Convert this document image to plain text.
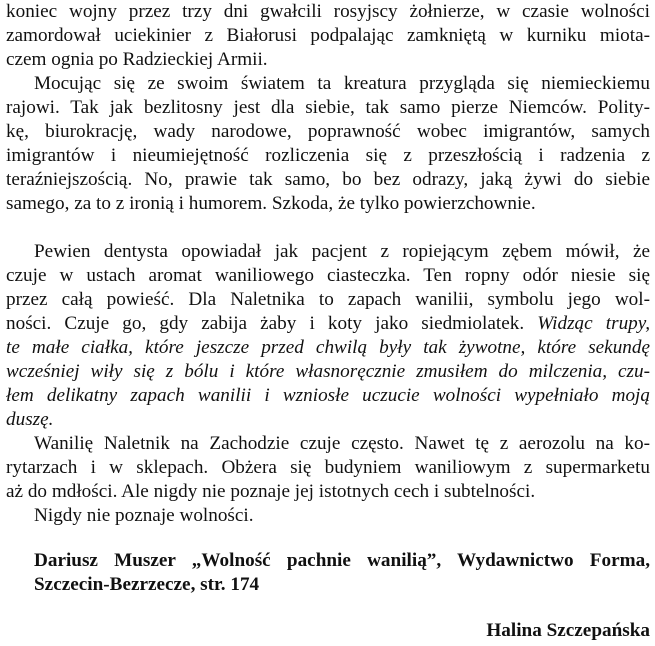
koniec wojny przez trzy dni gwałcili rosyjscy żołnierze, w czasie wolności
zamordował uciekinier z Białorusi podpalając zamkniętą w kurniku miota-
czem ognia po Radzieckiej Armii.
Mocując się ze swoim światem ta kreatura przygląda się niemieckiemu
rajowi. Tak jak bezlitosny jest dla siebie, tak samo pierze Niemców. Polity-
kę, biurokrację, wady narodowe, poprawność wobec imigrantów, samych
imigrantów i nieumiejętność rozliczenia się z przeszłością i radzenia z
teraźniejszością. No, prawie tak samo, bo bez odrazy, jaką żywi do siebie
samego, za to z ironią i humorem. Szkoda, że tylko powierzchownie.
Pewien dentysta opowiadał jak pacjent z ropiejącym zębem mówił, że
czuje w ustach aromat waniliowego ciasteczka. Ten ropny odór niesie się
przez całą powieść. Dla Naletnika to zapach wanilii, symbolu jego wol-
ności. Czuje go, gdy zabija żaby i koty jako siedmiolatek. Widząc trupy,
te małe ciałka, które jeszcze przed chwilą były tak żywotne, które sekundę
wcześniej wiły się z bólu i które własnoręcznie zmusiłem do milczenia, czu-
łem delikatny zapach wanilii i wzniosłe uczucie wolności wypełniało moją
duszę.
Wanilię Naletnik na Zachodzie czuje często. Nawet tę z aerozolu na ko-
rytarzach i w sklepach. Obżera się budyniem waniliowym z supermarketu
aż do mdłości. Ale nigdy nie poznaje jej istotnych cech i subtelności.
Nigdy nie poznaje wolności.
Dariusz Muszer „Wolność pachnie wanilią”, Wydawnictwo Forma,
Szczecin-Bezrzecze, str. 174
Halina Szczepańska
